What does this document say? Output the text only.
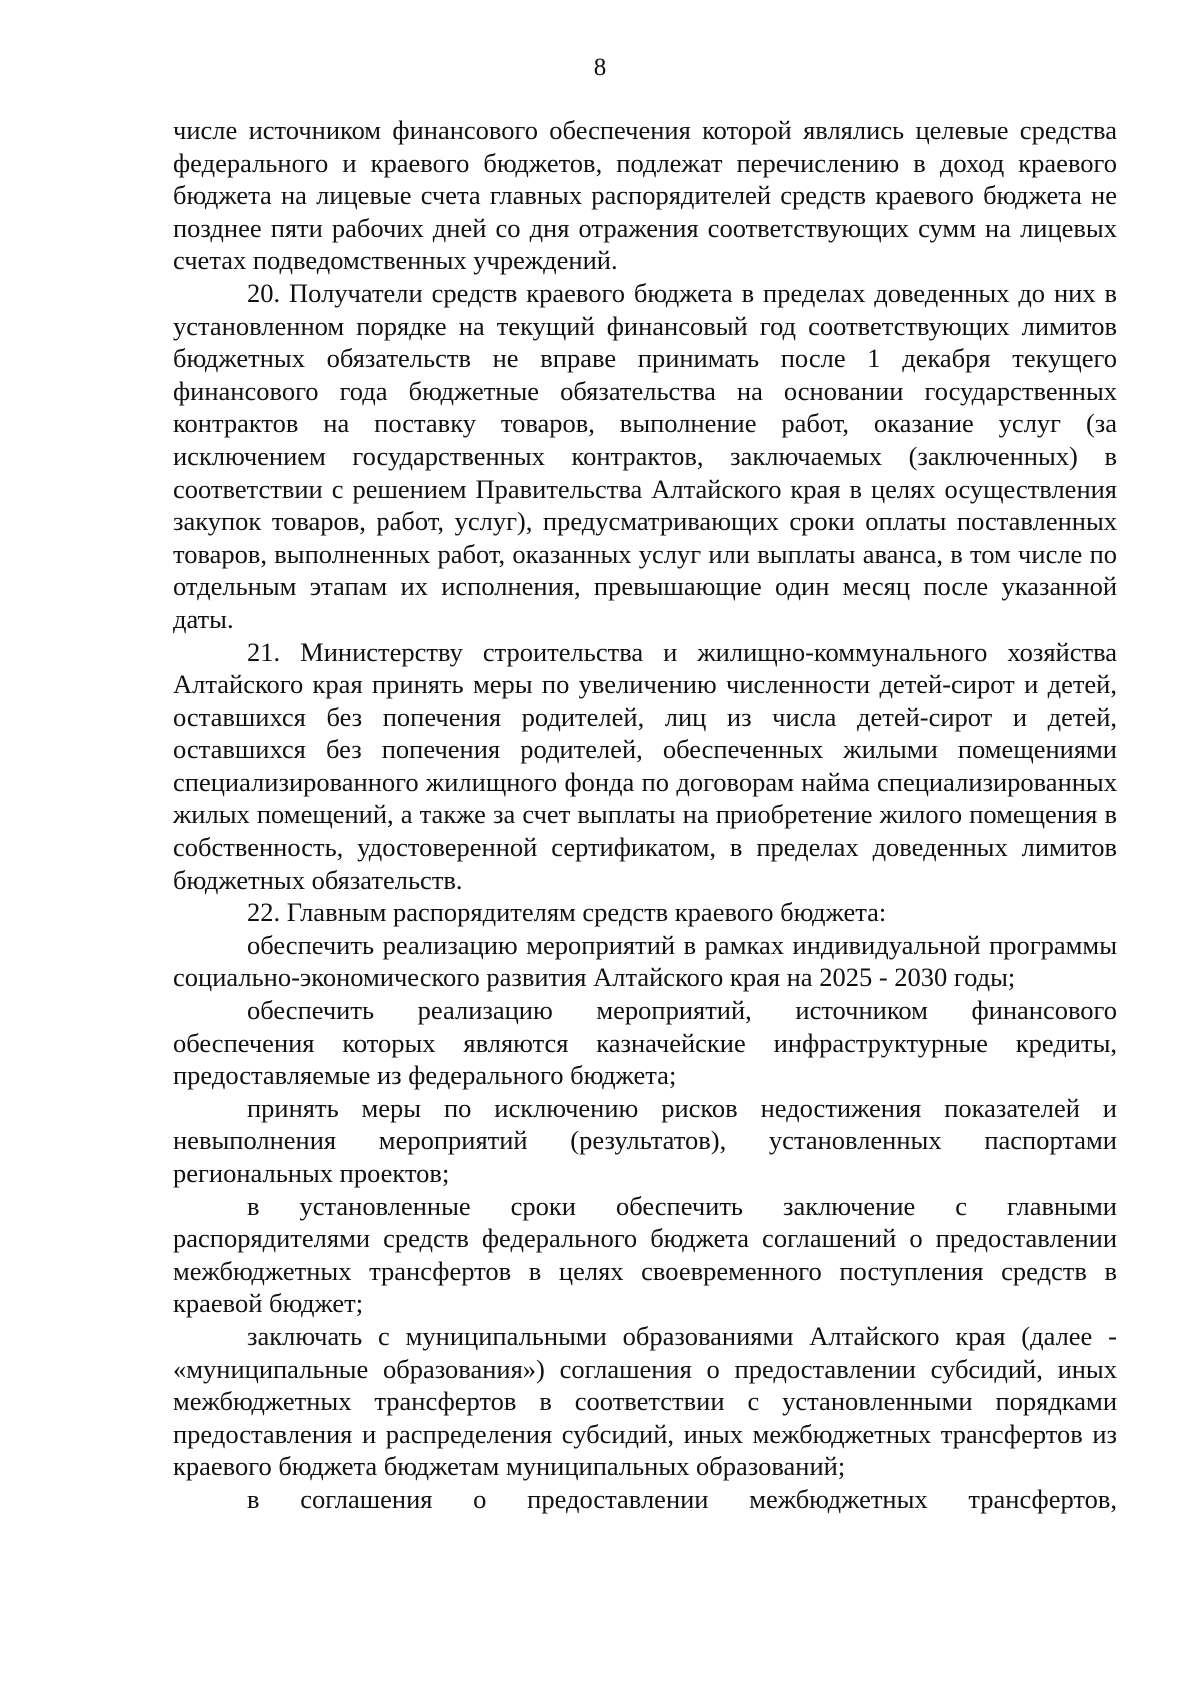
8

числе источником финансового обеспечения которой являлись целевые средства федерального и краевого бюджетов, подлежат перечислению в доход краевого бюджета на лицевые счета главных распорядителей средств краевого бюджета не позднее пяти рабочих дней со дня отражения соответствующих сумм на лицевых счетах подведомственных учреждений.

20. Получатели средств краевого бюджета в пределах доведенных до них в установленном порядке на текущий финансовый год соответствующих лимитов бюджетных обязательств не вправе принимать после 1 декабря текущего финансового года бюджетные обязательства на основании государственных контрактов на поставку товаров, выполнение работ, оказание услуг (за исключением государственных контрактов, заключаемых (заключенных) в соответствии с решением Правительства Алтайского края в целях осуществления закупок товаров, работ, услуг), предусматривающих сроки оплаты поставленных товаров, выполненных работ, оказанных услуг или выплаты аванса, в том числе по отдельным этапам их исполнения, превышающие один месяц после указанной даты.

21. Министерству строительства и жилищно-коммунального хозяйства Алтайского края принять меры по увеличению численности детей-сирот и детей, оставшихся без попечения родителей, лиц из числа детей-сирот и детей, оставшихся без попечения родителей, обеспеченных жилыми помещениями специализированного жилищного фонда по договорам найма специализированных жилых помещений, а также за счет выплаты на приобретение жилого помещения в собственность, удостоверенной сертификатом, в пределах доведенных лимитов бюджетных обязательств.

22. Главным распорядителям средств краевого бюджета:

обеспечить реализацию мероприятий в рамках индивидуальной программы социально-экономического развития Алтайского края на 2025 - 2030 годы;

обеспечить реализацию мероприятий, источником финансового обеспечения которых являются казначейские инфраструктурные кредиты, предоставляемые из федерального бюджета;

принять меры по исключению рисков недостижения показателей и невыполнения мероприятий (результатов), установленных паспортами региональных проектов;

в установленные сроки обеспечить заключение с главными распорядителями средств федерального бюджета соглашений о предоставлении межбюджетных трансфертов в целях своевременного поступления средств в краевой бюджет;

заключать с муниципальными образованиями Алтайского края (далее - «муниципальные образования») соглашения о предоставлении субсидий, иных межбюджетных трансфертов в соответствии с установленными порядками предоставления и распределения субсидий, иных межбюджетных трансфертов из краевого бюджета бюджетам муниципальных образований;

в соглашения о предоставлении межбюджетных трансфертов,
